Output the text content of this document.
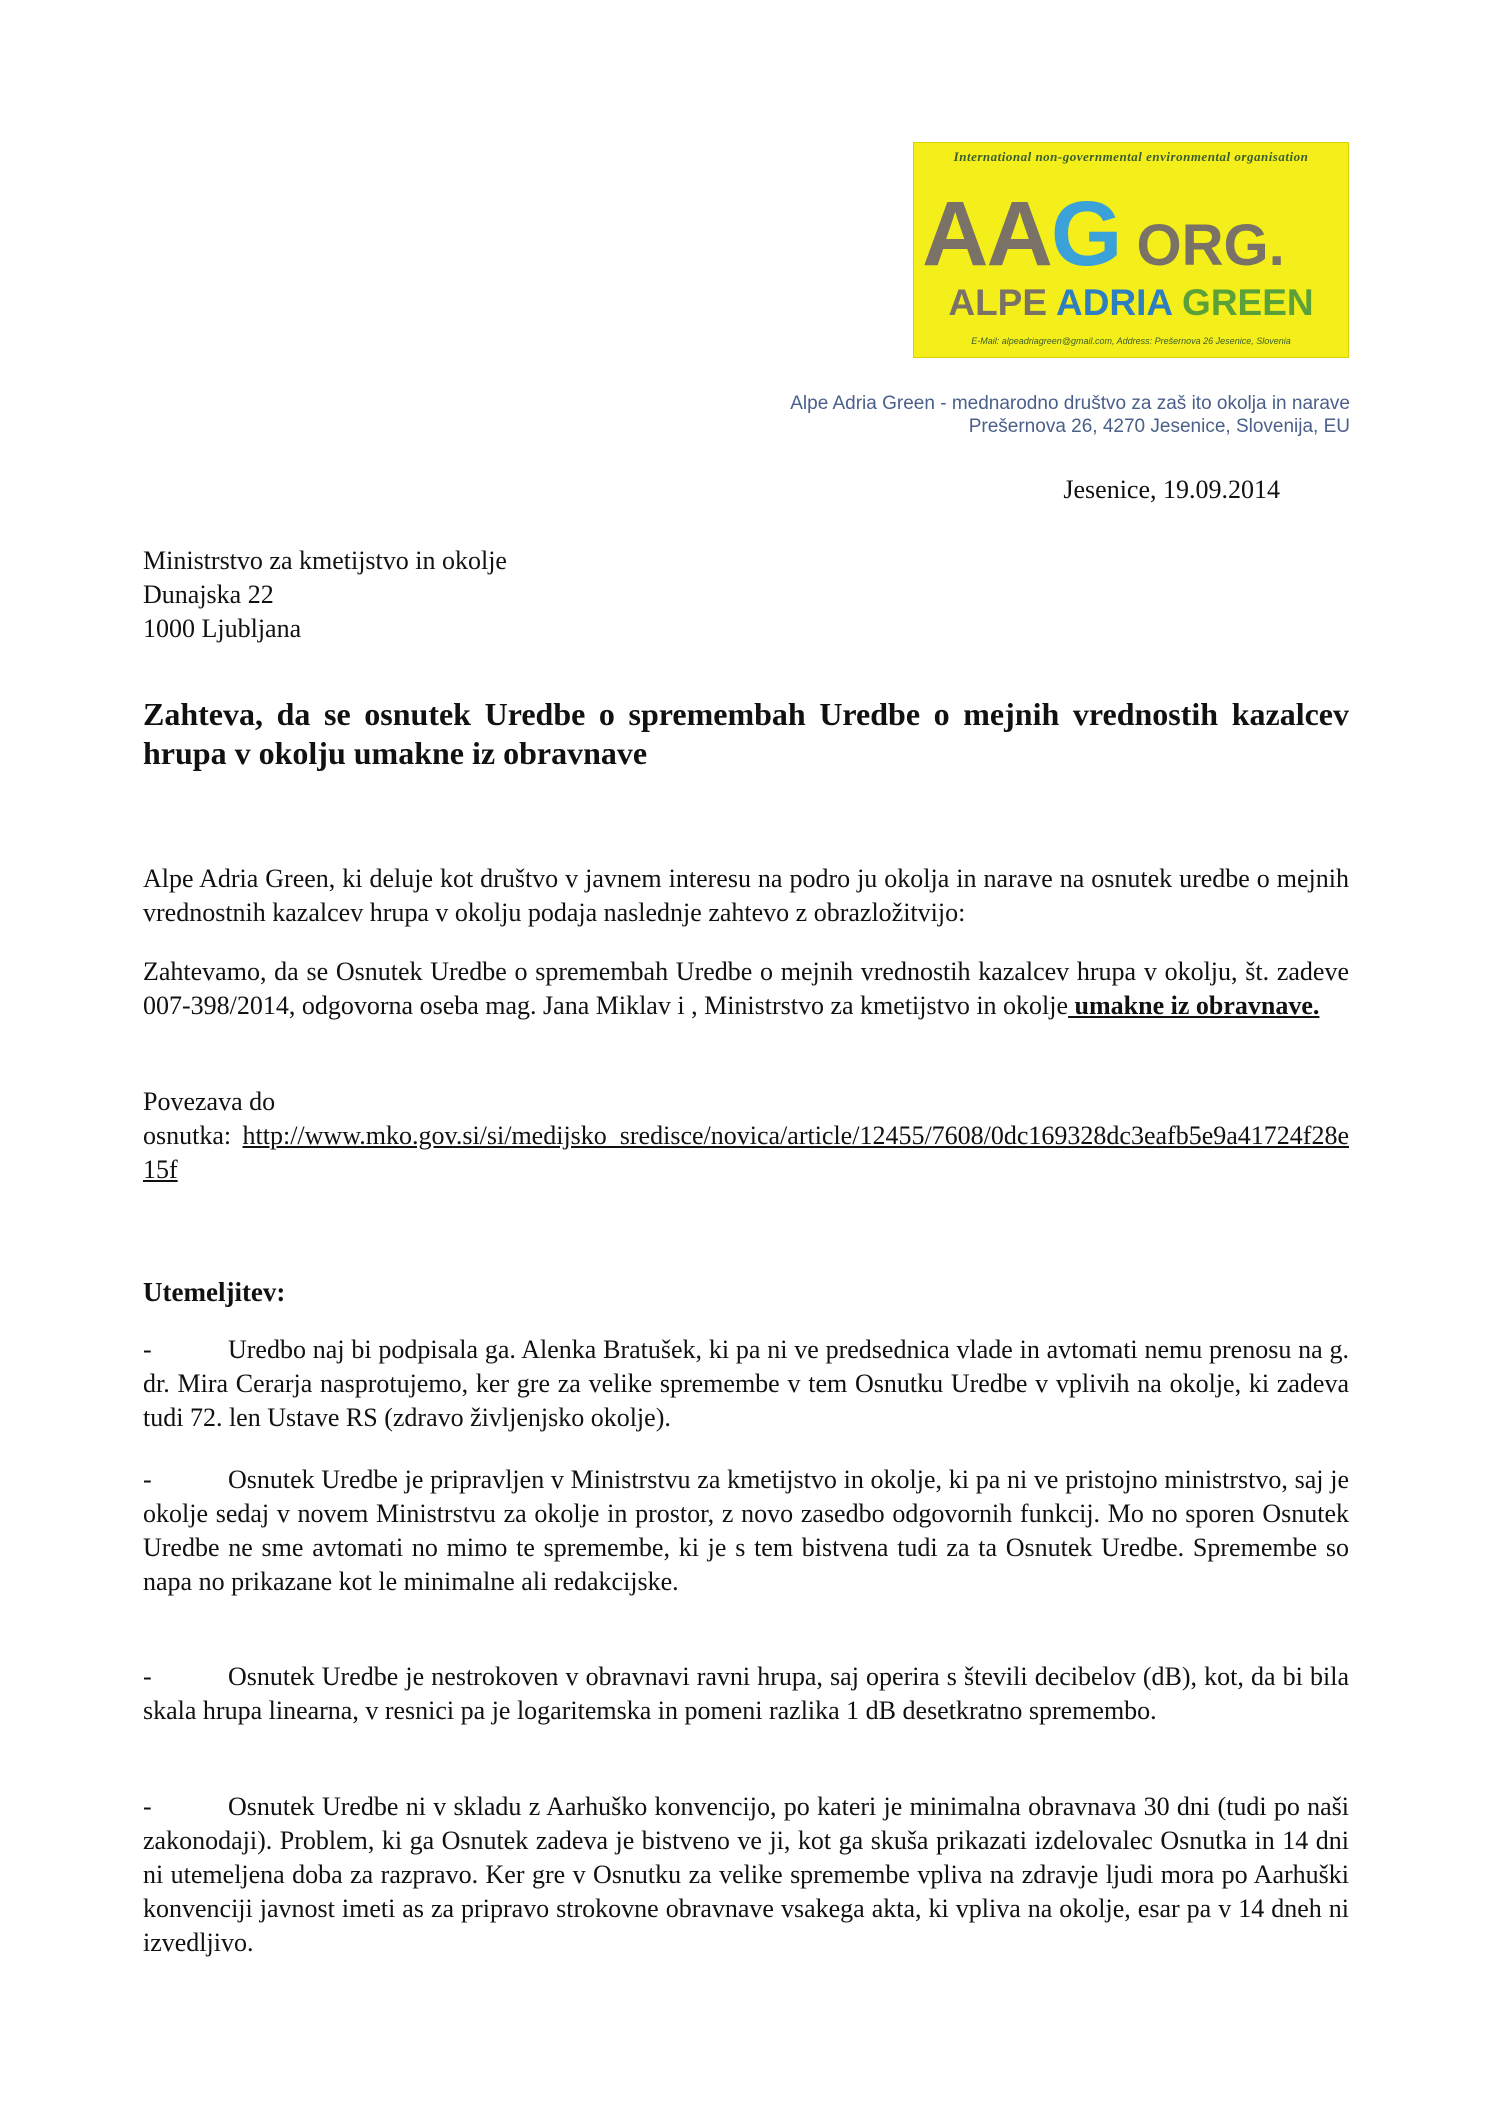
International non-governmental environmental organisation
AAG ORG.
ALPE ADRIA GREEN
E-Mail: alpeadriagreen@gmail.com, Address: Prešernova 26 Jesenice, Slovenia
Alpe Adria Green - mednarodno društvo za zaš ito okolja in narave
Prešernova 26, 4270 Jesenice, Slovenija, EU
Jesenice, 19.09.2014
Ministrstvo za kmetijstvo in okolje
Dunajska 22
1000 Ljubljana
Zahteva, da se osnutek Uredbe o spremembah Uredbe o mejnih vrednostih kazalcev hrupa v okolju umakne iz obravnave
Alpe Adria Green, ki deluje kot društvo v javnem interesu na podro ju okolja in narave na osnutek uredbe o mejnih vrednostnih kazalcev hrupa v okolju podaja naslednje zahtevo z obrazložitvijo:
Zahtevamo, da se Osnutek Uredbe o spremembah Uredbe o mejnih vrednostih kazalcev hrupa v okolju, št. zadeve 007-398/2014, odgovorna oseba mag. Jana Miklav i , Ministrstvo za kmetijstvo in okolje umakne iz obravnave.
Povezava do
osnutka: http://www.mko.gov.si/si/medijsko_sredisce/novica/article/12455/7608/0dc169328dc3eafb5e9a41724f28e15f
Utemeljitev:
-	Uredbo naj bi podpisala ga. Alenka Bratušek, ki pa ni ve predsednica vlade in avtomati nemu prenosu na g. dr. Mira Cerarja nasprotujemo, ker gre za velike spremembe v tem Osnutku Uredbe v vplivih na okolje, ki zadeva tudi 72. len Ustave RS (zdravo življenjsko okolje).
-	Osnutek Uredbe je pripravljen v Ministrstvu za kmetijstvo in okolje, ki pa ni ve pristojno ministrstvo, saj je okolje sedaj v novem Ministrstvu za okolje in prostor, z novo zasedbo odgovornih funkcij. Mo no sporen Osnutek Uredbe ne sme avtomati no mimo te spremembe, ki je s tem bistvena tudi za ta Osnutek Uredbe. Spremembe so napa no prikazane kot le minimalne ali redakcijske.
-	Osnutek Uredbe je nestrokoven v obravnavi ravni hrupa, saj operira s števili decibelov (dB), kot, da bi bila skala hrupa linearna, v resnici pa je logaritemska in pomeni razlika 1 dB desetkratno spremembo.
-	Osnutek Uredbe ni v skladu z Aarhuško konvencijo, po kateri je minimalna obravnava 30 dni (tudi po naši zakonodaji). Problem, ki ga Osnutek zadeva je bistveno ve ji, kot ga skuša prikazati izdelovalec Osnutka in 14 dni ni utemeljena doba za razpravo. Ker gre v Osnutku za velike spremembe vpliva na zdravje ljudi mora po Aarhuški konvenciji javnost imeti as za pripravo strokovne obravnave vsakega akta, ki vpliva na okolje, esar pa v 14 dneh ni izvedljivo.
